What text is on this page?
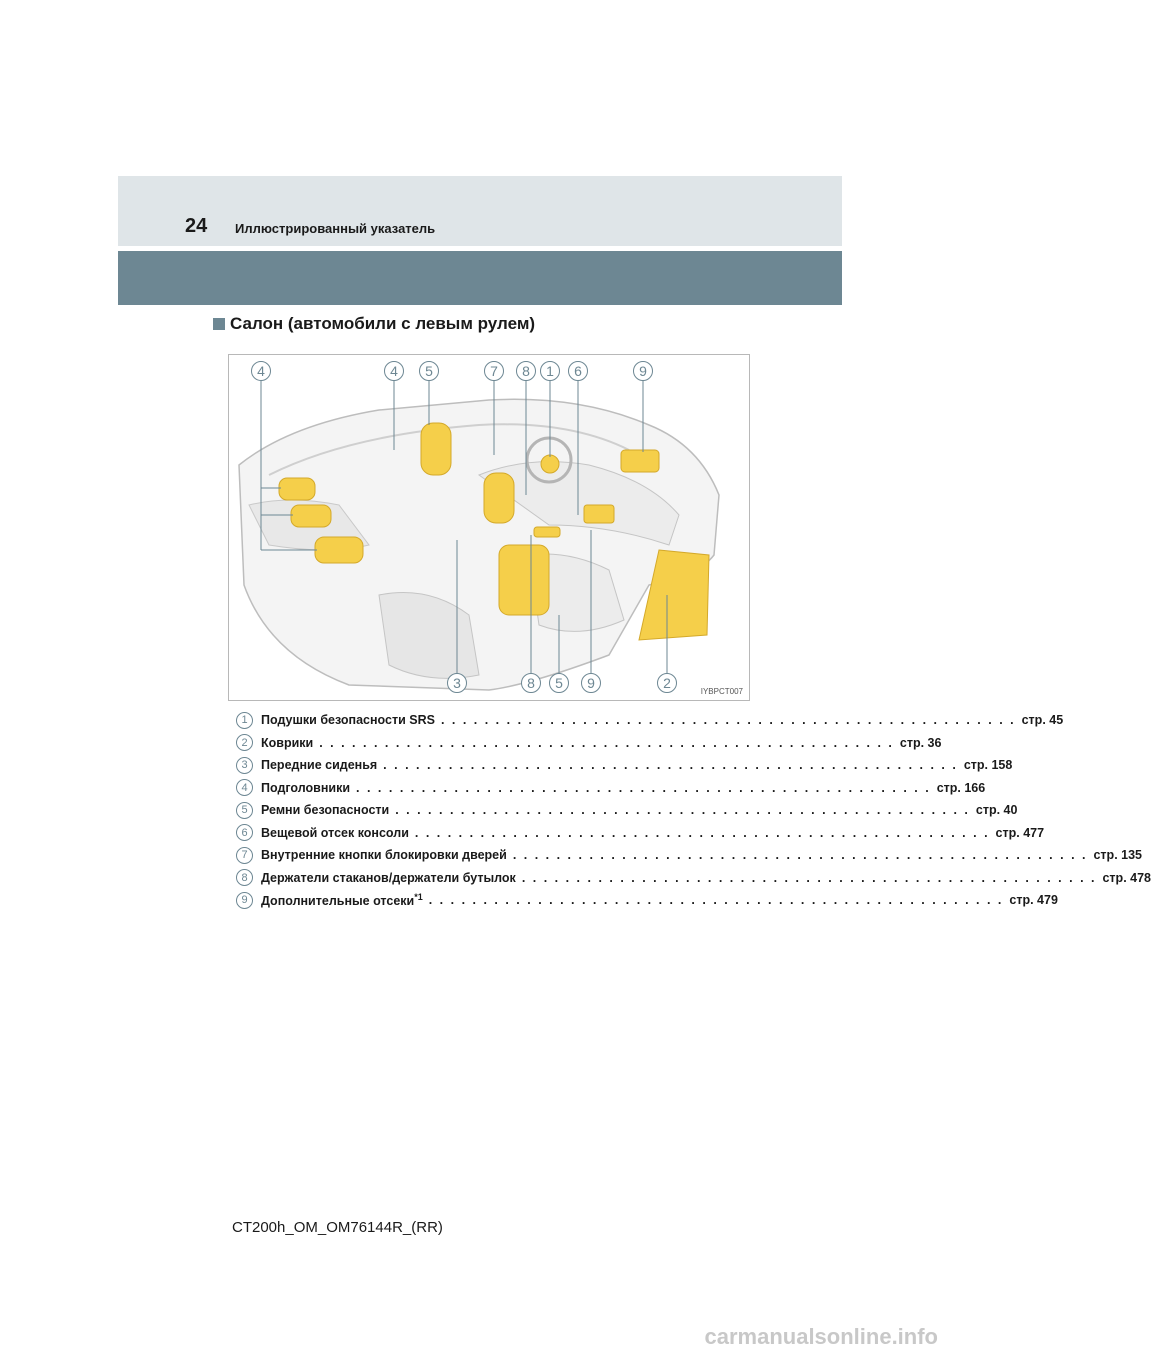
24 Иллюстрированный указатель
Салон (автомобили с левым рулем)
4	4	5	7	8	1	6	9
3	8	5	9	2
IYBPCT007
1	Подушки безопасности SRS . . . . . . . . . . . . . . . . . . . . . . . . . . . . . . . . . . . . . . . . . . . . . . . . . . . . . стр. 45
2	Коврики . . . . . . . . . . . . . . . . . . . . . . . . . . . . . . . . . . . . . . . . . . . . . . . . . . . . . стр. 36
3	Передние сиденья . . . . . . . . . . . . . . . . . . . . . . . . . . . . . . . . . . . . . . . . . . . . . . . . . . . . . стр. 158
4	Подголовники . . . . . . . . . . . . . . . . . . . . . . . . . . . . . . . . . . . . . . . . . . . . . . . . . . . . . стр. 166
5	Ремни безопасности . . . . . . . . . . . . . . . . . . . . . . . . . . . . . . . . . . . . . . . . . . . . . . . . . . . . . стр. 40
6	Вещевой отсек консоли . . . . . . . . . . . . . . . . . . . . . . . . . . . . . . . . . . . . . . . . . . . . . . . . . . . . . стр. 477
7	Внутренние кнопки блокировки дверей . . . . . . . . . . . . . . . . . . . . . . . . . . . . . . . . . . . . . . . . . . . . . . . . . . . . . стр. 135
8	Держатели стаканов/держатели бутылок . . . . . . . . . . . . . . . . . . . . . . . . . . . . . . . . . . . . . . . . . . . . . . . . . . . . . стр. 478
9	Дополнительные отсеки$^{*1}$ . . . . . . . . . . . . . . . . . . . . . . . . . . . . . . . . . . . . . . . . . . . . . . . . . . . . . стр. 479
CT200h_OM_OM76144R_(RR)
carmanualsonline.info
